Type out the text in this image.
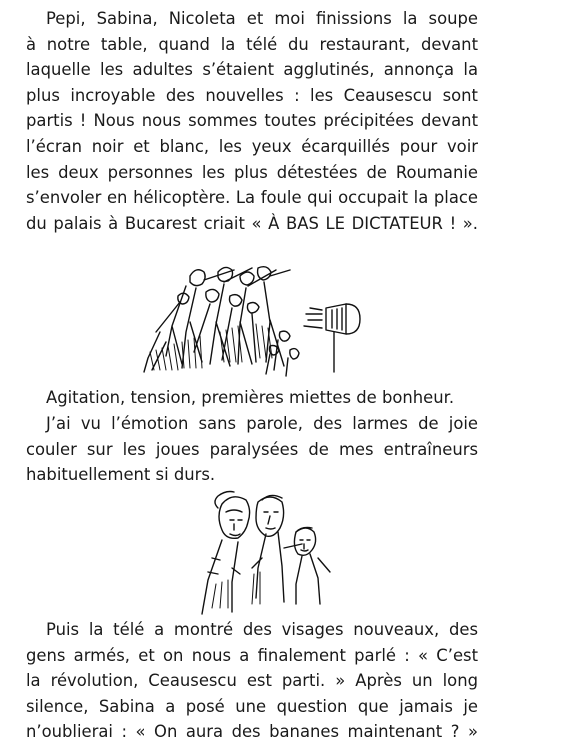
Pepi, Sabina, Nicoleta et moi finissions la soupe
à notre table, quand la télé du restaurant, devant
laquelle les adultes s’étaient agglutinés, annonça la
plus incroyable des nouvelles : les Ceausescu sont
partis ! Nous nous sommes toutes précipitées devant
l’écran noir et blanc, les yeux écarquillés pour voir
les deux personnes les plus détestées de Roumanie
s’envoler en hélicoptère. La foule qui occupait la place
du palais à Bucarest criait « À BAS LE DICTATEUR ! ».
Agitation, tension, premières miettes de bonheur.
J’ai vu l’émotion sans parole, des larmes de joie
couler sur les joues paralysées de mes entraîneurs
habituellement si durs.
Puis la télé a montré des visages nouveaux, des
gens armés, et on nous a finalement parlé : « C’est
la révolution, Ceausescu est parti. » Après un long
silence, Sabina a posé une question que jamais je
n’oublierai : « On aura des bananes maintenant ? »
